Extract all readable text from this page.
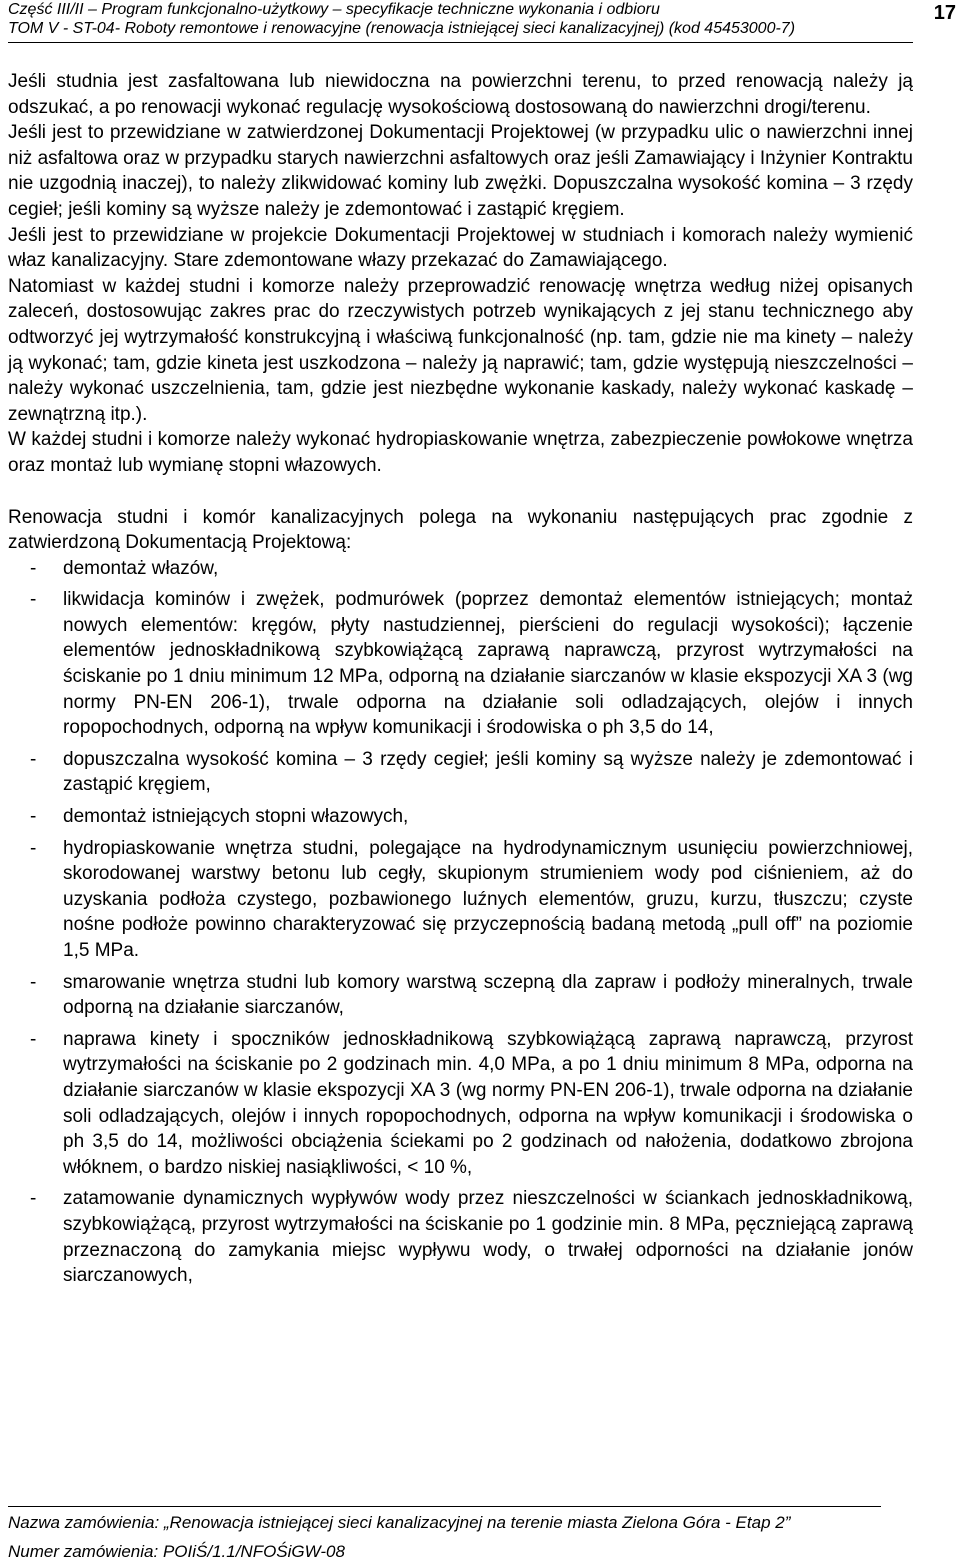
Część III/II – Program funkcjonalno-użytkowy – specyfikacje techniczne wykonania i odbioru
TOM V - ST-04- Roboty remontowe i renowacyjne (renowacja istniejącej sieci kanalizacyjnej) (kod 45453000-7)
17

Jeśli studnia jest zasfaltowana lub niewidoczna na powierzchni terenu, to przed renowacją należy ją odszukać, a po renowacji wykonać regulację wysokościową dostosowaną do nawierzchni drogi/terenu.

Jeśli jest to przewidziane w zatwierdzonej Dokumentacji Projektowej (w przypadku ulic o nawierzchni innej niż asfaltowa oraz w przypadku starych nawierzchni asfaltowych oraz jeśli Zamawiający i Inżynier Kontraktu nie uzgodnią inaczej), to należy zlikwidować kominy lub zwężki. Dopuszczalna wysokość komina – 3 rzędy cegieł; jeśli kominy są wyższe należy je zdemontować i zastąpić kręgiem.

Jeśli jest to przewidziane w projekcie Dokumentacji Projektowej w studniach i komorach należy wymienić właz kanalizacyjny. Stare zdemontowane włazy przekazać do Zamawiającego.

Natomiast w każdej studni i komorze należy przeprowadzić renowację wnętrza według niżej opisanych zaleceń, dostosowując zakres prac do rzeczywistych potrzeb wynikających z jej stanu technicznego aby odtworzyć jej wytrzymałość konstrukcyjną i właściwą funkcjonalność (np. tam, gdzie nie ma kinety – należy ją wykonać; tam, gdzie kineta jest uszkodzona – należy ją naprawić; tam, gdzie występują nieszczelności – należy wykonać uszczelnienia, tam, gdzie jest niezbędne wykonanie kaskady, należy wykonać kaskadę – zewnątrzną itp.).

W każdej studni i komorze należy wykonać hydropiaskowanie wnętrza, zabezpieczenie powłokowe wnętrza oraz montaż lub wymianę stopni włazowych.

Renowacja studni i komór kanalizacyjnych polega na wykonaniu następujących prac zgodnie z zatwierdzoną Dokumentacją Projektową:

- demontaż włazów,
- likwidacja kominów i zwężek, podmurówek (poprzez demontaż elementów istniejących; montaż nowych elementów: kręgów, płyty nastudziennej, pierścieni do regulacji wysokości); łączenie elementów jednoskładnikową szybkowiążącą zaprawą naprawczą, przyrost wytrzymałości na ściskanie po 1 dniu minimum 12 MPa, odporną na działanie siarczanów w klasie ekspozycji XA 3 (wg normy PN-EN 206-1), trwale odporna na działanie soli odladzających, olejów i innych ropopochodnych, odporną na wpływ komunikacji i środowiska o ph 3,5 do 14,
- dopuszczalna wysokość komina – 3 rzędy cegieł; jeśli kominy są wyższe należy je zdemontować i zastąpić kręgiem,
- demontaż istniejących stopni włazowych,
- hydropiaskowanie wnętrza studni, polegające na hydrodynamicznym usunięciu powierzchniowej, skorodowanej warstwy betonu lub cegły, skupionym strumieniem wody pod ciśnieniem, aż do uzyskania podłoża czystego, pozbawionego luźnych elementów, gruzu, kurzu, tłuszczu; czyste nośne podłoże powinno charakteryzować się przyczepnością badaną metodą „pull off” na poziomie 1,5 MPa.
- smarowanie wnętrza studni lub komory warstwą sczepną dla zapraw i podłoży mineralnych, trwale odporną na działanie siarczanów,
- naprawa kinety i spoczników jednoskładnikową szybkowiążącą zaprawą naprawczą, przyrost wytrzymałości na ściskanie po 2 godzinach min. 4,0 MPa, a po 1 dniu minimum 8 MPa, odporna na działanie siarczanów w klasie ekspozycji XA 3 (wg normy PN-EN 206-1), trwale odporna na działanie soli odladzających, olejów i innych ropopochodnych, odporna na wpływ komunikacji i środowiska o ph 3,5 do 14, możliwości obciążenia ściekami po 2 godzinach od nałożenia, dodatkowo zbrojona włóknem, o bardzo niskiej nasiąkliwości, < 10 %,
- zatamowanie dynamicznych wypływów wody przez nieszczelności w ściankach jednoskładnikową, szybkowiążącą, przyrost wytrzymałości na ściskanie po 1 godzinie min. 8 MPa, pęczniejącą zaprawą przeznaczoną do zamykania miejsc wypływu wody, o trwałej odporności na działanie jonów siarczanowych,
Nazwa zamówienia: „Renowacja istniejącej sieci kanalizacyjnej na terenie miasta Zielona Góra - Etap 2”
Numer zamówienia: POIiŚ/1.1/NFOŚiGW-08
